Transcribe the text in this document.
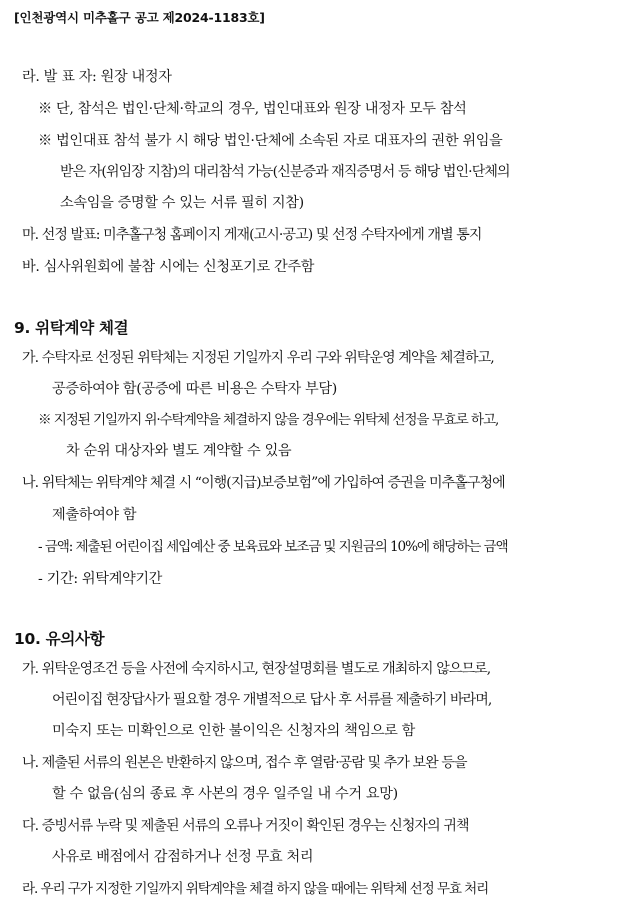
[인천광역시 미추홀구 공고 제2024-1183호]
라. 발 표 자: 원장 내정자
※ 단, 참석은 법인·단체·학교의 경우, 법인대표와 원장 내정자 모두 참석
※ 법인대표 참석 불가 시 해당 법인·단체에 소속된 자로 대표자의 권한 위임을
받은 자(위임장 지참)의 대리참석 가능(신분증과 재직증명서 등 해당 법인·단체의
소속임을 증명할 수 있는 서류 필히 지참)
마. 선정 발표: 미추홀구청 홈페이지 게재(고시·공고) 및 선정 수탁자에게 개별 통지
바. 심사위원회에 불참 시에는 신청포기로 간주함
9. 위탁계약 체결
가. 수탁자로 선정된 위탁체는 지정된 기일까지 우리 구와 위탁운영 계약을 체결하고,
공증하여야 함(공증에 따른 비용은 수탁자 부담)
※ 지정된 기일까지 위·수탁계약을 체결하지 않을 경우에는 위탁체 선정을 무효로 하고,
차 순위 대상자와 별도 계약할 수 있음
나. 위탁체는 위탁계약 체결 시 “이행(지급)보증보험”에 가입하여 증권을 미추홀구청에
제출하여야 함
- 금액: 제출된 어린이집 세입예산 중 보육료와 보조금 및 지원금의 10%에 해당하는 금액
- 기간: 위탁계약기간
10. 유의사항
가. 위탁운영조건 등을 사전에 숙지하시고, 현장설명회를 별도로 개최하지 않으므로,
어린이집 현장답사가 필요할 경우 개별적으로 답사 후 서류를 제출하기 바라며,
미숙지 또는 미확인으로 인한 불이익은 신청자의 책임으로 함
나. 제출된 서류의 원본은 반환하지 않으며, 접수 후 열람·공람 및 추가 보완 등을
할 수 없음(심의 종료 후 사본의 경우 일주일 내 수거 요망)
다. 증빙서류 누락 및 제출된 서류의 오류나 거짓이 확인된 경우는 신청자의 귀책
사유로 배점에서 감점하거나 선정 무효 처리
라. 우리 구가 지정한 기일까지 위탁계약을 체결 하지 않을 때에는 위탁체 선정 무효 처리
